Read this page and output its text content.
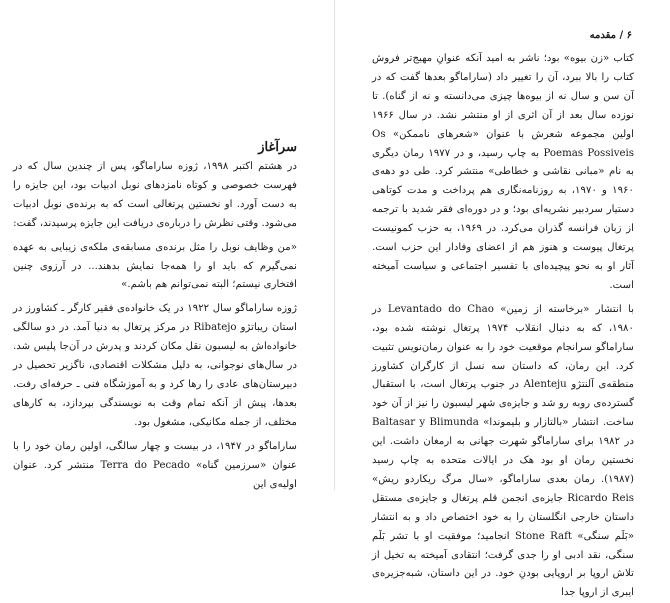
سرآغاز

در هشتم اکتبر ۱۹۹۸، ژوزه ساراماگو، پس از چندین سال که در فهرست خصوصی و کوتاه نامزدهای نوبل ادبیات بود، این جایزه را به دست آورد. او نخستین پرتغالی است که به برنده‌ی نوبل ادبیات می‌شود. وقتی نظرش را درباره‌ی دریافت این جایزه پرسیدند، گفت:

«من وظایف نوبل را مثل برنده‌ی مسابقه‌ی ملکه‌ی زیبایی به عهده نمی‌گیرم که باید او را همه‌جا نمایش بدهند... در آرزوی چنین افتخاری نیستم؛ البته نمی‌توانم هم باشم.»

ژوزه ساراماگو سال ۱۹۲۲ در یک خانواده‌ی فقیر کارگر ـ کشاورز در استان ریباتژو Ribatejo در مرکز پرتغال به دنیا آمد. در دو سالگی خانواده‌اش به لیسبون نقل مکان کردند و پدرش در آن‌جا پلیس شد. در سال‌های نوجوانی، به دلیل مشکلات اقتصادی، ناگزیر تحصیل در دبیرستان‌های عادی را رها کرد و به آموزشگاه فنی ـ حرفه‌ای رفت. بعدها، پیش از آنکه تمام وقت به نویسندگی بپردازد، به کارهای مختلف، از جمله مکانیکی، مشغول بود.

ساراماگو در ۱۹۴۷، در بیست و چهار سالگی، اولین رمان خود را با عنوان «سرزمین گناه» Terra do Pecado منتشر کرد. عنوان اولیه‌ی این

۶ / مقدمه

کتاب «زن بیوه» بود؛ ناشر به امید آنکه عنوانِ مهیج‌تر فروش کتاب را بالا ببرد، آن را تغییر داد (ساراماگو بعدها گفت که در آن سن و سال نه از بیوه‌ها چیزی می‌دانسته و نه از گناه). تا نوزده سال بعد از آن اثری از او منتشر نشد. در سال ۱۹۶۶ اولین مجموعه شعرش با عنوان «شعرهای ناممکن» Os Poemas Possiveis به چاپ رسید، و در ۱۹۷۷ رمان دیگری به نام «مبانی نقاشی و خطاطی» منتشر کرد. طی دو دهه‌ی ۱۹۶۰ و ۱۹۷۰، به روزنامه‌نگاری هم پرداخت و مدت کوتاهی دستیار سردبیر نشریه‌ای بود؛ و در دوره‌ای فقر شدید با ترجمه از زبان فرانسه گذران می‌کرد. در ۱۹۶۹، به حزب کمونیست پرتغال پیوست و هنوز هم از اعضای وفادار این حزب است. آثار او به نحو پیچیده‌ای با تفسیر اجتماعی و سیاست آمیخته است.

با انتشار «برخاسته از زمین» Levantado do Chao در ۱۹۸۰، که به دنبال انقلاب ۱۹۷۴ پرتغال نوشته شده بود، ساراماگو سرانجام موقعیت خود را به عنوان رمان‌نویس تثبیت کرد. این رمان، که داستان سه نسل از کارگران کشاورز منطقه‌ی آلنتژو Alenteju در جنوب پرتغال است، با استقبال گسترده‌ی روبه رو شد و جایزه‌ی شهر لیسبون را نیز از آن خود ساخت. انتشار «بالتازار و بلیموندا» Baltasar y Blimunda در ۱۹۸۲ برای ساراماگو شهرت جهانی به ارمغان داشت. این نخستین رمان او بود هک در ایالات متحده به چاپ رسید (۱۹۸۷). رمان بعدی ساراماگو، «سال مرگ ریکاردو ریش» Ricardo Reis جایزه‌ی انجمن قلم پرتغال و جایزه‌ی مستقل داستان خارجی انگلستان را به خود اختصاص داد و به انتشار «بَلَم سنگی» Stone Raft انجامید؛ موفقیت او با تشر بَلَم سنگی، نقد ادبی او را جدی گرفت؛ انتقادی آمیخته به تخیل از تلاش اروپا بر اروپایی بودنِ خود. در این داستان، شبه‌جزیره‌ی ایبری از اروپا جدا
